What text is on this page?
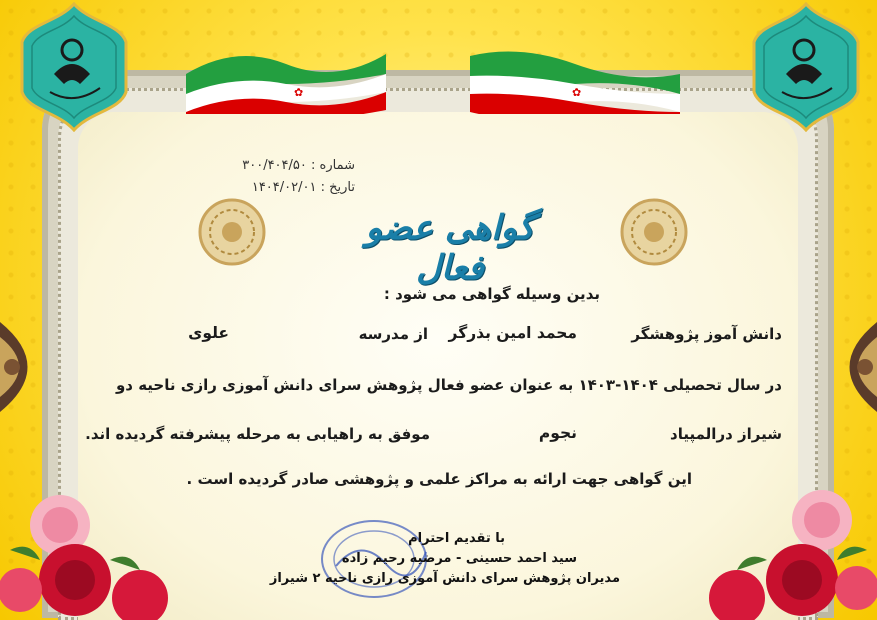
✿	✿
شماره : ۳۰۰/۴۰۴/۵۰
تاریخ : ۱۴۰۴/۰۲/۰۱
گواهی عضو فعال
بدین وسیله گواهی می شود :
دانش آموز پژوهشگر
محمد امین بذرگر
از مدرسه
علوی
در سال تحصیلی ۱۴۰۴-۱۴۰۳ به عنوان عضو فعال پژوهش سرای دانش آموزی رازی ناحیه دو
شیراز درالمپیاد
نجوم
موفق به راهیابی به مرحله پیشرفته گردیده اند.
این گواهی جهت ارائه به مراکز علمی و پژوهشی صادر گردیده است .
با تقدیم احترام
سید احمد حسینی - مرضیه رحیم زاده
مدیران پژوهش سرای دانش آموزی رازی ناحیه ۲ شیراز
